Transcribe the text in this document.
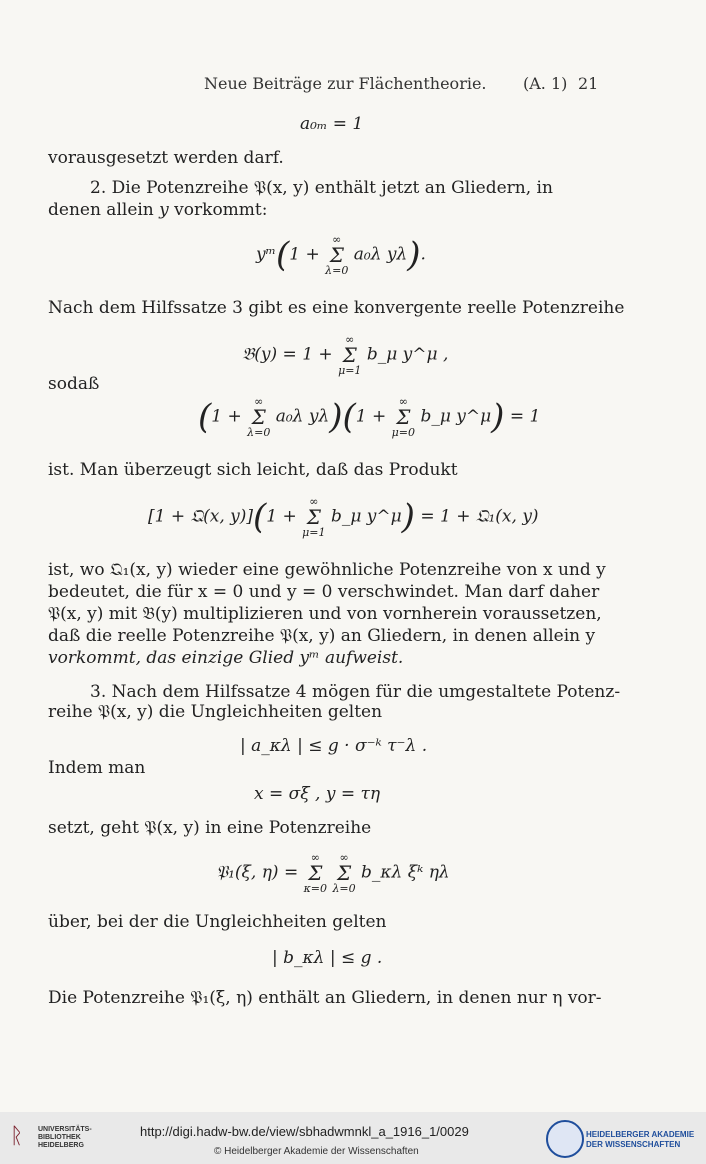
Neue Beiträge zur Flächentheorie. (A. 1) 21
a₀ₘ = 1
vorausgesetzt werden darf.
2. Die Potenzreihe 𝔓(x, y) enthält jetzt an Gliedern, in
denen allein y vorkommt:
yᵐ(1 +
∞
Σ
λ=0
a₀λ yλ).
Nach dem Hilfssatze 3 gibt es eine konvergente reelle Potenzreihe
𝔅(y) = 1 +
∞
Σ
μ=1
b_μ y^μ ,
sodaß
(1 +
∞
Σ
λ=0
a₀λ yλ)(1 +
∞
Σ
μ=0
b_μ y^μ) = 1
ist. Man überzeugt sich leicht, daß das Produkt
[1 + 𝔔(x, y)](1 +
∞
Σ
μ=1
b_μ y^μ) = 1 + 𝔔₁(x, y)
ist, wo 𝔔₁(x, y) wieder eine gewöhnliche Potenzreihe von x und y
bedeutet, die für x = 0 und y = 0 verschwindet. Man darf daher
𝔓(x, y) mit 𝔅(y) multiplizieren und von vornherein voraussetzen,
daß die reelle Potenzreihe 𝔓(x, y) an Gliedern, in denen allein y
vorkommt, das einzige Glied yᵐ aufweist.
3. Nach dem Hilfssatze 4 mögen für die umgestaltete Potenz-
reihe 𝔓(x, y) die Ungleichheiten gelten
| a_κλ | ≤ g · σ⁻ᵏ τ⁻λ .
Indem man
x = σξ , y = τη
setzt, geht 𝔓(x, y) in eine Potenzreihe
𝔓₁(ξ, η) =
∞
Σ
κ=0

∞
Σ
λ=0
b_κλ ξᵏ ηλ
über, bei der die Ungleichheiten gelten
| b_κλ | ≤ g .
Die Potenzreihe 𝔓₁(ξ, η) enthält an Gliedern, in denen nur η vor-
ᚱ UNIVERSITÄTS-
BIBLIOTHEK
HEIDELBERG
http://digi.hadw-bw.de/view/sbhadwmnkl_a_1916_1/0029
© Heidelberger Akademie der Wissenschaften
HEIDELBERGER AKADEMIE
DER WISSENSCHAFTEN
